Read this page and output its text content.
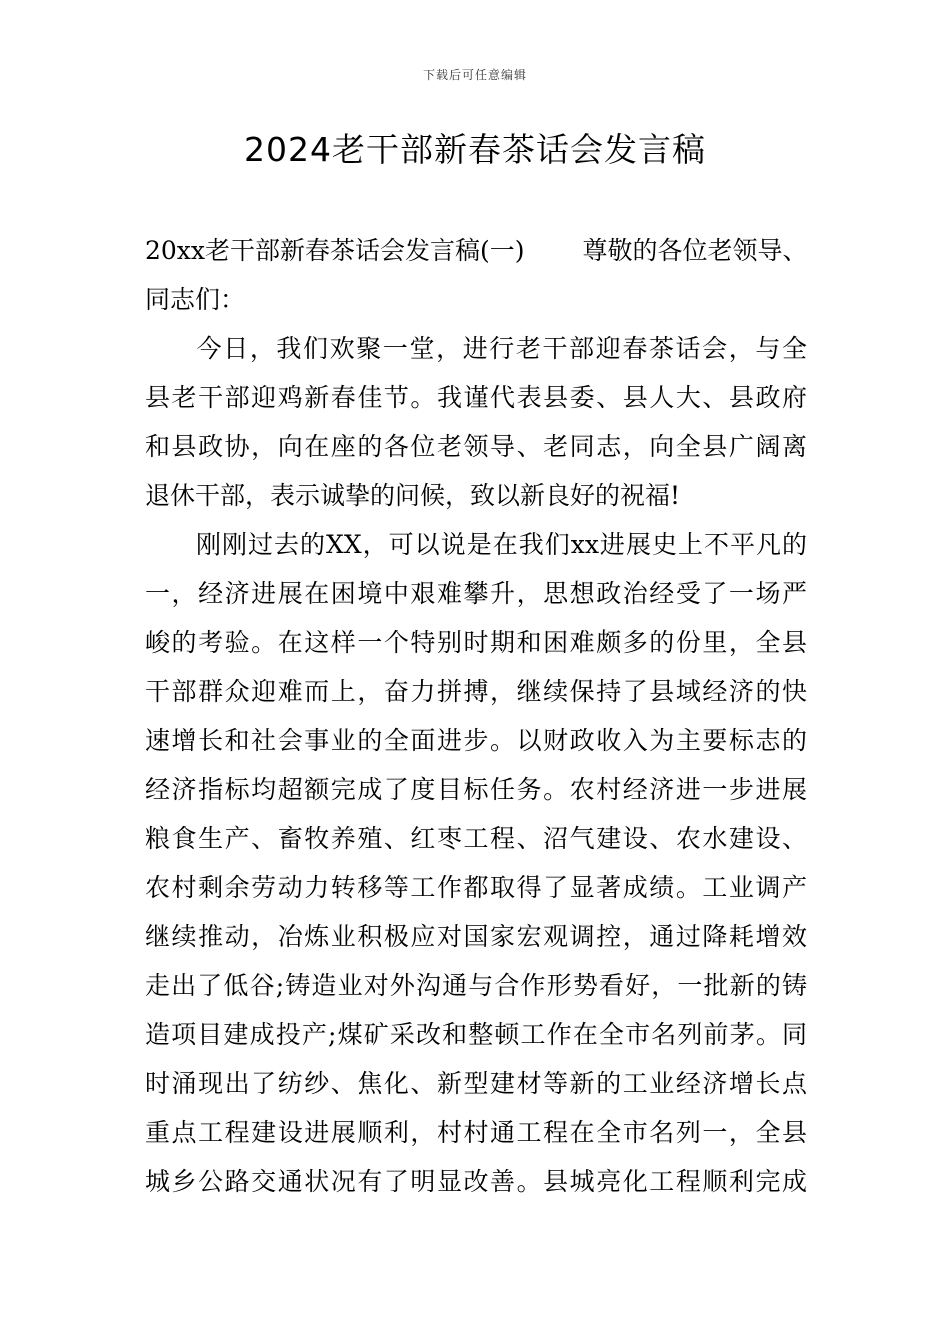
下载后可任意编辑
2024老干部新春茶话会发言稿

20xx老干部新春茶话会发言稿(一) 尊敬的各位老领导、
同志们：

今日，我们欢聚一堂，进行老干部迎春茶话会，与全
县老干部迎鸡新春佳节。我谨代表县委、县人大、县政府
和县政协，向在座的各位老领导、老同志，向全县广阔离
退休干部，表示诚挚的问候，致以新良好的祝福!

刚刚过去的XX，可以说是在我们xx进展史上不平凡的
一，经济进展在困境中艰难攀升，思想政治经受了一场严
峻的考验。在这样一个特别时期和困难颇多的份里，全县
干部群众迎难而上，奋力拼搏，继续保持了县域经济的快
速增长和社会事业的全面进步。以财政收入为主要标志的
经济指标均超额完成了度目标任务。农村经济进一步进展
粮食生产、畜牧养殖、红枣工程、沼气建设、农水建设、
农村剩余劳动力转移等工作都取得了显著成绩。工业调产
继续推动，冶炼业积极应对国家宏观调控，通过降耗增效
走出了低谷;铸造业对外沟通与合作形势看好，一批新的铸
造项目建成投产;煤矿采改和整顿工作在全市名列前茅。同
时涌现出了纺纱、焦化、新型建材等新的工业经济增长点
重点工程建设进展顺利，村村通工程在全市名列一，全县
城乡公路交通状况有了明显改善。县城亮化工程顺利完成
